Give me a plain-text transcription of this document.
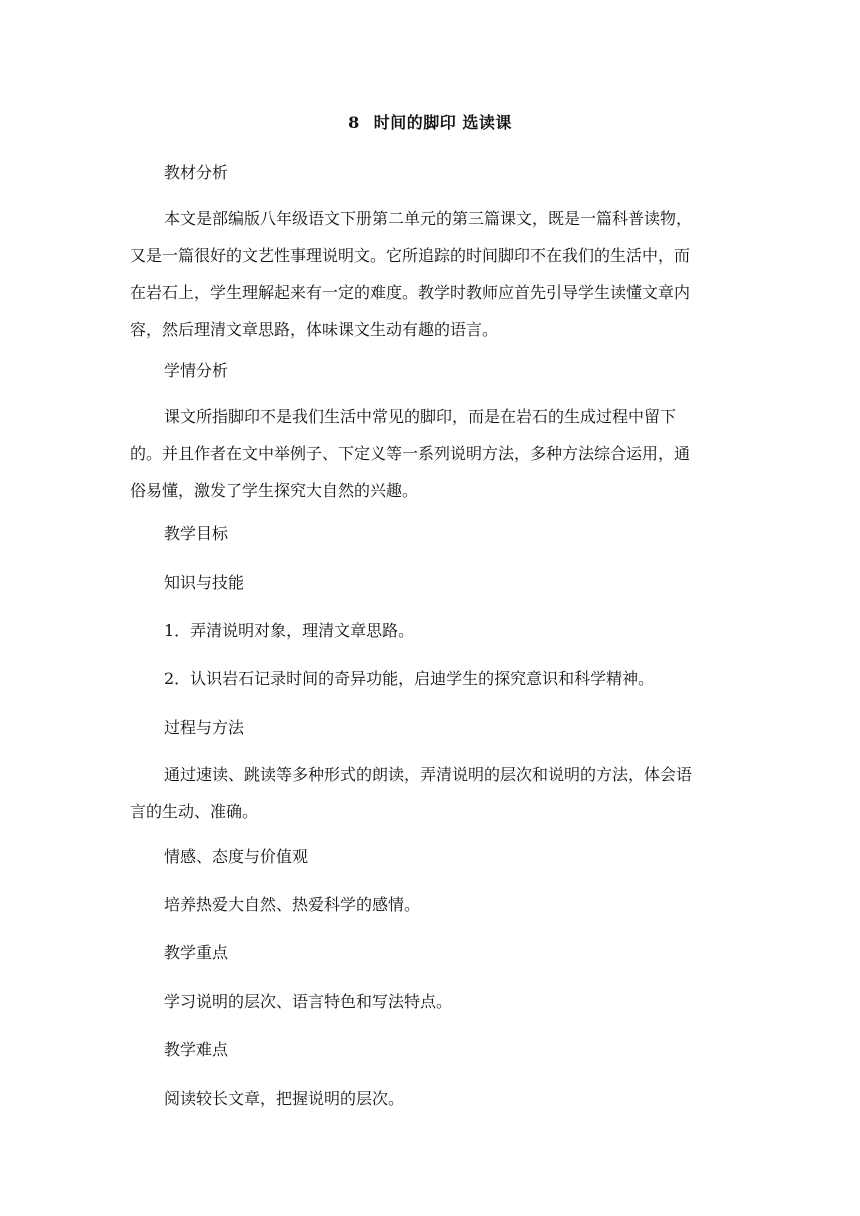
8 时间的脚印 选读课
教材分析
本文是部编版八年级语文下册第二单元的第三篇课文，既是一篇科普读物，
又是一篇很好的文艺性事理说明文。它所追踪的时间脚印不在我们的生活中，而
在岩石上，学生理解起来有一定的难度。教学时教师应首先引导学生读懂文章内
容，然后理清文章思路，体味课文生动有趣的语言。
学情分析
课文所指脚印不是我们生活中常见的脚印，而是在岩石的生成过程中留下
的。并且作者在文中举例子、下定义等一系列说明方法，多种方法综合运用，通
俗易懂，激发了学生探究大自然的兴趣。
教学目标
知识与技能
1．弄清说明对象，理清文章思路。
2．认识岩石记录时间的奇异功能，启迪学生的探究意识和科学精神。
过程与方法
通过速读、跳读等多种形式的朗读，弄清说明的层次和说明的方法，体会语
言的生动、准确。
情感、态度与价值观
培养热爱大自然、热爱科学的感情。
教学重点
学习说明的层次、语言特色和写法特点。
教学难点
阅读较长文章，把握说明的层次。
